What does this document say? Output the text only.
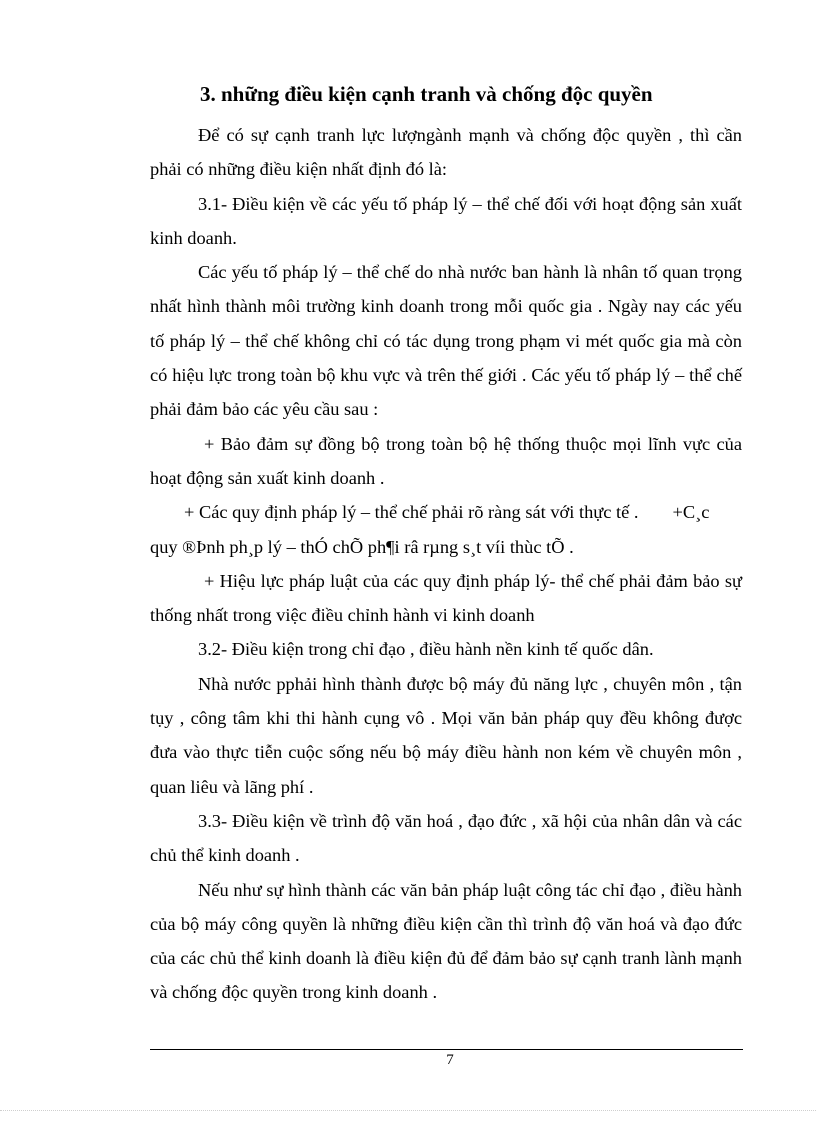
3. những điều kiện cạnh tranh và chống độc quyền

Để có sự cạnh tranh lực lượngành mạnh và chống độc quyền , thì cần phải có những điều kiện nhất định đó là:

3.1- Điều kiện về các yếu tố pháp lý – thể chế đối với hoạt động sản xuất kinh doanh.

Các yếu tố pháp lý – thể chế do nhà nước ban hành là nhân tố quan trọng nhất hình thành môi trường kinh doanh trong mỗi quốc gia . Ngày nay các yếu tố pháp lý – thể chế không chỉ có tác dụng trong phạm vi mét quốc gia mà còn có hiệu lực trong toàn bộ khu vực và trên thế giới . Các yếu tố pháp lý – thể chế phải đảm bảo các yêu cầu sau :

+ Bảo đảm sự đồng bộ trong toàn bộ hệ thống thuộc mọi lĩnh vực của hoạt động sản xuất kinh doanh .

+ Các quy định pháp lý – thể chế phải rõ ràng sát với thực tế . +C¸c

quy ®Þnh ph¸p lý – thÓ chÕ ph¶i râ rµng s¸t víi thùc tÕ .

+ Hiệu lực pháp luật của các quy định pháp lý- thể chế phải đảm bảo sự thống nhất trong việc điều chỉnh hành vi kinh doanh

3.2- Điều kiện trong chỉ đạo , điều hành nền kinh tế quốc dân.

Nhà nước pphải hình thành được bộ máy đủ năng lực , chuyên môn , tận tụy , công tâm khi thi hành cụng vô . Mọi văn bản pháp quy đều không được đưa vào thực tiễn cuộc sống nếu bộ máy điều hành non kém về chuyên môn , quan liêu và lãng phí .

3.3- Điều kiện về trình độ văn hoá , đạo đức , xã hội của nhân dân và các chủ thể kinh doanh .

Nếu như sự hình thành các văn bản pháp luật công tác chỉ đạo , điều hành của bộ máy công quyền là những điều kiện cần thì trình độ văn hoá và đạo đức của các chủ thể kinh doanh là điều kiện đủ để đảm bảo sự cạnh tranh lành mạnh và chống độc quyền trong kinh doanh .

7
